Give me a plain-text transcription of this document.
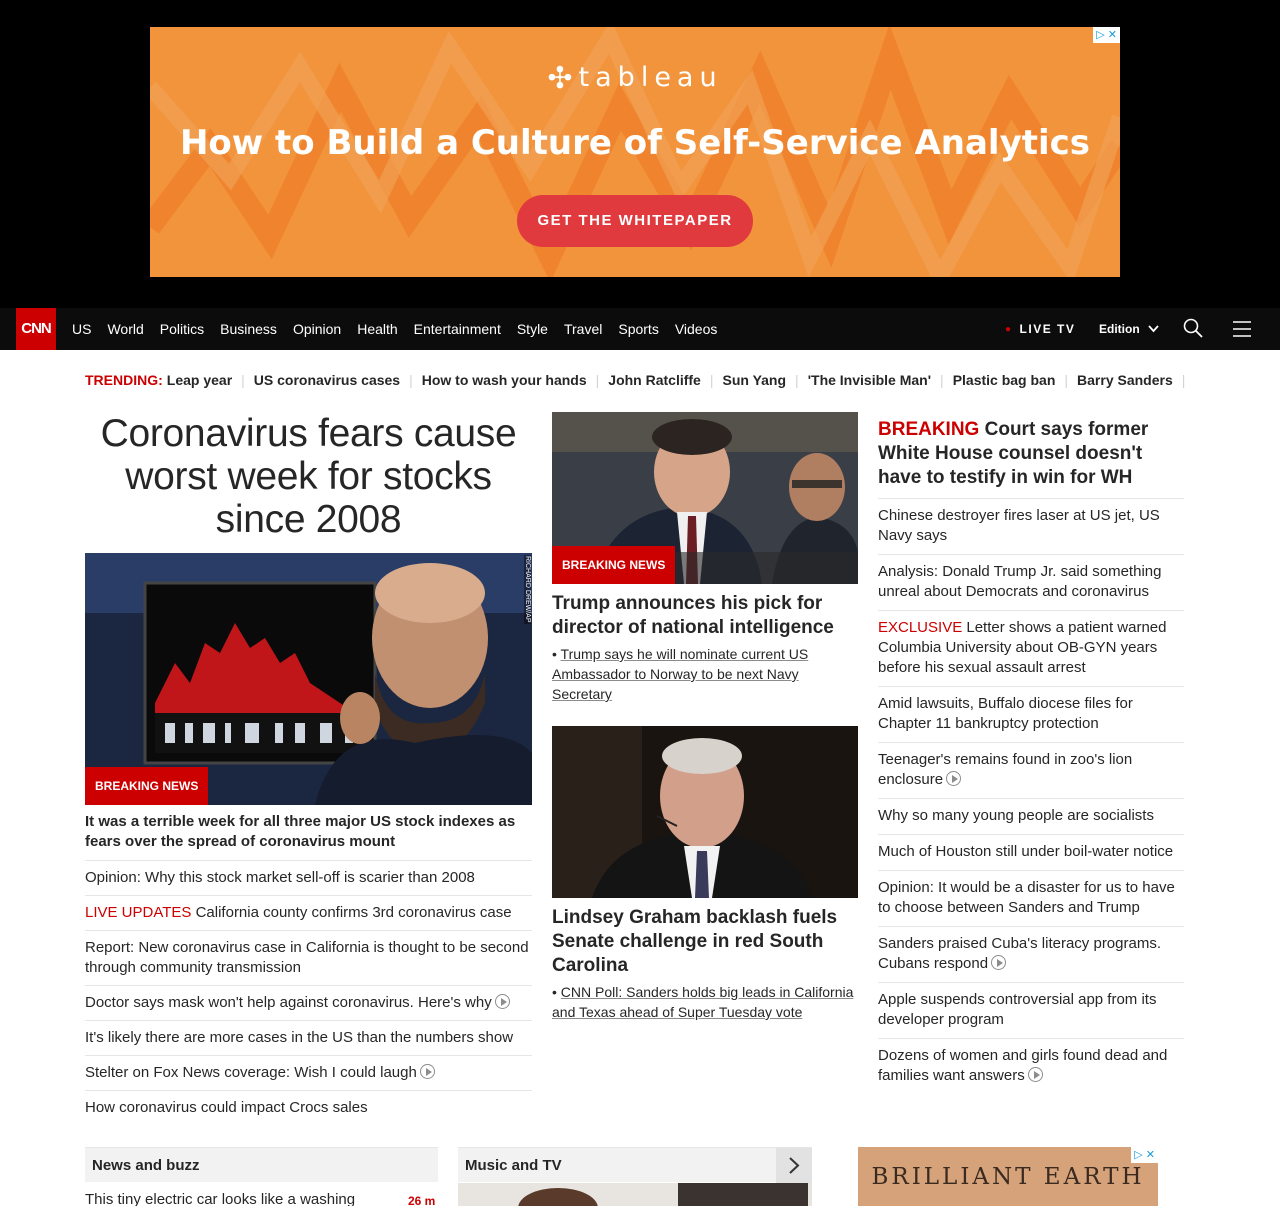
✣ tableau
How to Build a Culture of Self-Service Analytics
GET THE WHITEPAPER
▷ ✕
CNN	US World Politics Business Opinion Health Entertainment Style Travel Sports Videos	● LIVE TV Edition
TRENDING: Leap year | US coronavirus cases | How to wash your hands | John Ratcliffe | Sun Yang | 'The Invisible Man' | Plastic bag ban | Barry Sanders |
Coronavirus fears cause worst week for stocks since 2008
BREAKING NEWS
RICHARD DREW/AP
It was a terrible week for all three major US stock indexes as fears over the spread of coronavirus mount
Opinion: Why this stock market sell-off is scarier than 2008
LIVE UPDATES California county confirms 3rd coronavirus case
Report: New coronavirus case in California is thought to be second through community transmission
Doctor says mask won't help against coronavirus. Here's why
It's likely there are more cases in the US than the numbers show
Stelter on Fox News coverage: Wish I could laugh
How coronavirus could impact Crocs sales
BREAKING NEWS
Trump announces his pick for director of national intelligence
• Trump says he will nominate current US Ambassador to Norway to be next Navy Secretary
Lindsey Graham backlash fuels Senate challenge in red South Carolina
• CNN Poll: Sanders holds big leads in California and Texas ahead of Super Tuesday vote
BREAKING Court says former White House counsel doesn't have to testify in win for WH
Chinese destroyer fires laser at US jet, US Navy says
Analysis: Donald Trump Jr. said something unreal about Democrats and coronavirus
EXCLUSIVE Letter shows a patient warned Columbia University about OB-GYN years before his sexual assault arrest
Amid lawsuits, Buffalo diocese files for Chapter 11 bankruptcy protection
Teenager's remains found in zoo's lion enclosure
Why so many young people are socialists
Much of Houston still under boil-water notice
Opinion: It would be a disaster for us to have to choose between Sanders and Trump
Sanders praised Cuba's literacy programs. Cubans respond
Apple suspends controversial app from its developer program
Dozens of women and girls found dead and families want answers
News and buzz
This tiny electric car looks like a washing	26 m
Music and TV	BRILLIANT EARTH
▷ ✕
